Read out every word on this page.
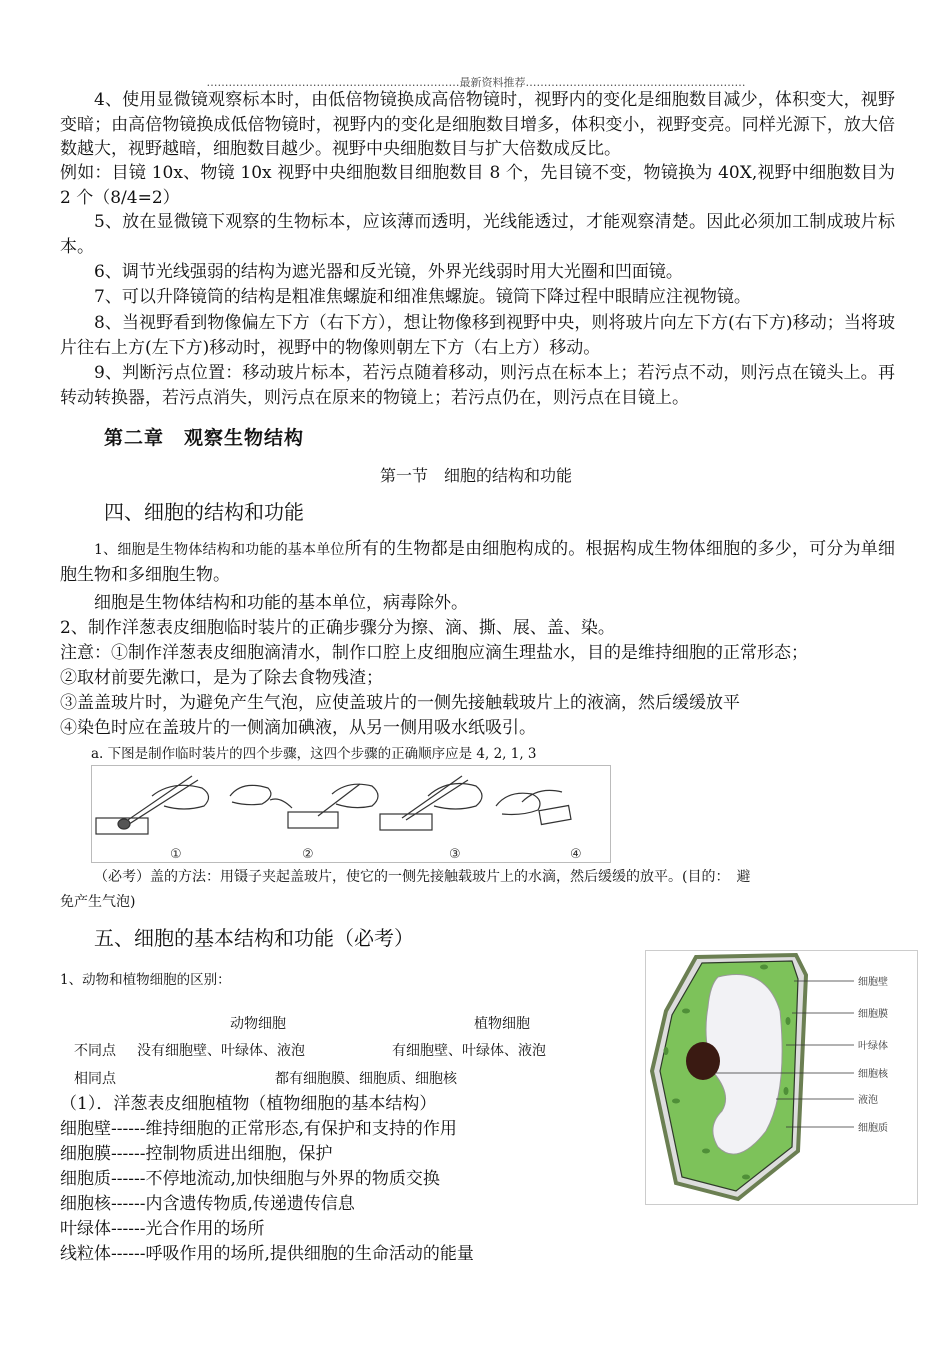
……………………………………………………………最新资料推荐……………………………………………………

4、使用显微镜观察标本时，由低倍物镜换成高倍物镜时，视野内的变化是细胞数目减少，体积变大，视野变暗；由高倍物镜换成低倍物镜时，视野内的变化是细胞数目增多，体积变小，视野变亮。同样光源下，放大倍数越大，视野越暗，细胞数目越少。视野中央细胞数目与扩大倍数成反比。

例如：目镜 10x、物镜 10x 视野中央细胞数目细胞数目 8 个，先目镜不变，物镜换为 40X,视野中细胞数目为 2 个（8/4=2）

5、放在显微镜下观察的生物标本，应该薄而透明，光线能透过，才能观察清楚。因此必须加工制成玻片标本。

6、调节光线强弱的结构为遮光器和反光镜，外界光线弱时用大光圈和凹面镜。

7、可以升降镜筒的结构是粗准焦螺旋和细准焦螺旋。镜筒下降过程中眼睛应注视物镜。

8、当视野看到物像偏左下方（右下方），想让物像移到视野中央，则将玻片向左下方(右下方)移动；当将玻片往右上方(左下方)移动时，视野中的物像则朝左下方（右上方）移动。

9、判断污点位置：移动玻片标本，若污点随着移动，则污点在标本上；若污点不动，则污点在镜头上。再转动转换器，若污点消失，则污点在原来的物镜上；若污点仍在，则污点在目镜上。

第二章　观察生物结构
第一节　细胞的结构和功能
四、细胞的结构和功能

1、细胞是生物体结构和功能的基本单位所有的生物都是由细胞构成的。根据构成生物体细胞的多少，可分为单细胞生物和多细胞生物。

细胞是生物体结构和功能的基本单位，病毒除外。
2、制作洋葱表皮细胞临时装片的正确步骤分为擦、滴、撕、展、盖、染。
注意：①制作洋葱表皮细胞滴清水，制作口腔上皮细胞应滴生理盐水，目的是维持细胞的正常形态；
②取材前要先漱口，是为了除去食物残渣；
③盖盖玻片时，为避免产生气泡，应使盖玻片的一侧先接触载玻片上的液滴，然后缓缓放平
④染色时应在盖玻片的一侧滴加碘液，从另一侧用吸水纸吸引。
a. 下图是制作临时装片的四个步骤，这四个步骤的正确顺序应是 4, 2, 1, 3
①	②	③	④
（必考）盖的方法：用镊子夹起盖玻片，使它的一侧先接触载玻片上的水滴，然后缓缓的放平。(目的：　避
免产生气泡)
五、细胞的基本结构和功能（必考）
1、动物和植物细胞的区别：
动物细胞	植物细胞
不同点 没有细胞壁、叶绿体、液泡	有细胞壁、叶绿体、液泡
相同点	都有细胞膜、细胞质、细胞核
（1）．洋葱表皮细胞植物（植物细胞的基本结构）
细胞壁------维持细胞的正常形态,有保护和支持的作用
细胞膜------控制物质进出细胞，保护
细胞质------不停地流动,加快细胞与外界的物质交换
细胞核------内含遗传物质,传递遗传信息
叶绿体------光合作用的场所
线粒体------呼吸作用的场所,提供细胞的生命活动的能量
细胞壁
细胞膜
叶绿体
细胞核
液泡
细胞质
